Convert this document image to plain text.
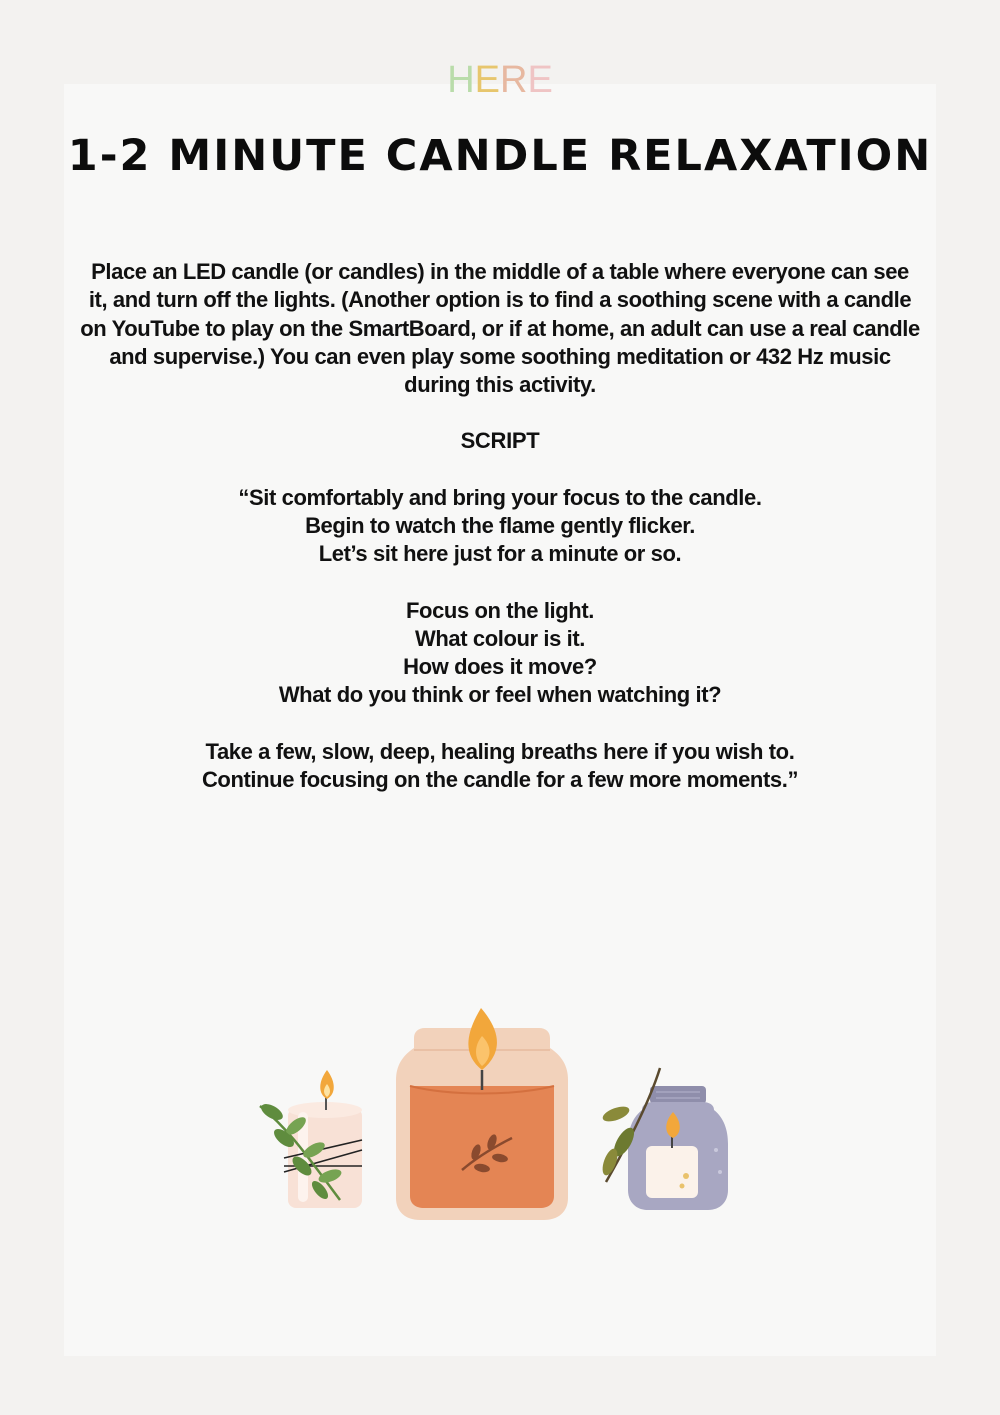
HERE
1-2 MINUTE CANDLE RELAXATION
Place an LED candle (or candles) in the middle of a table where everyone can see it, and turn off the lights. (Another option is to find a soothing scene with a candle on YouTube to play on the SmartBoard, or if at home, an adult can use a real candle and supervise.) You can even play some soothing meditation or 432 Hz music during this activity.
SCRIPT
“Sit comfortably and bring your focus to the candle.
Begin to watch the flame gently flicker.
Let’s sit here just for a minute or so.
Focus on the light.
What colour is it.
How does it move?
What do you think or feel when watching it?
Take a few, slow, deep, healing breaths here if you wish to.
Continue focusing on the candle for a few more moments.”
